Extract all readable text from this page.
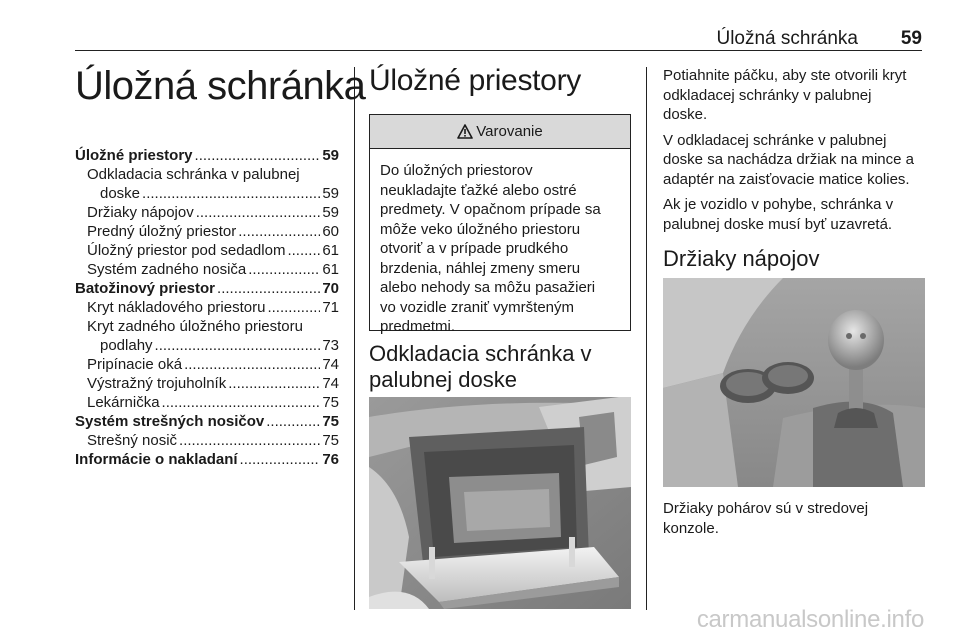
Úložná schránka 59
Úložná schránka
Úložné priestory .....	59
Odkladacia schránka v palubnej
doske .....	59
Držiaky nápojov .....	59
Predný úložný priestor .....	60
Úložný priestor pod sedadlom ..... 61
Systém zadného nosiča .....	61
Batožinový priestor .....	70
Kryt nákladového priestoru .....	71
Kryt zadného úložného priestoru
podlahy .....	73
Pripínacie oká .....	74
Výstražný trojuholník .....	74
Lekárnička .....	75
Systém strešných nosičov .....	75
Strešný nosič .....	75
Informácie o nakladaní .....	76
Úložné priestory
Varovanie
Do úložných priestorov
neukladajte ťažké alebo ostré
predmety. V opačnom prípade sa
môže veko úložného priestoru
otvoriť a v prípade prudkého
brzdenia, náhlej zmeny smeru
alebo nehody sa môžu pasažieri
vo vozidle zraniť vymršteným
predmetmi.
Odkladacia schránka v
palubnej doske

Potiahnite páčku, aby ste otvorili kryt
odkladacej schránky v palubnej
doske.

V odkladacej schránke v palubnej
doske sa nachádza držiak na mince a
adaptér na zaisťovacie matice kolies.

Ak je vozidlo v pohybe, schránka v
palubnej doske musí byť uzavretá.

Držiaky nápojov
Držiaky pohárov sú v stredovej
konzole.
carmanualsonline.info
